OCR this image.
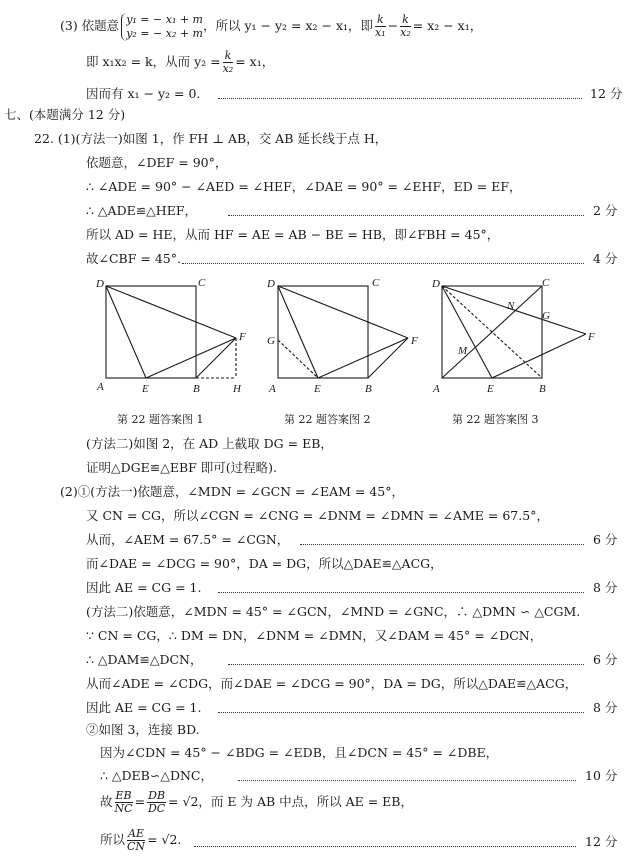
(3) 依题意 y₁ = − x₁ + m
y₂ = − x₂ + m ，所以 y₁ − y₂ = x₂ − x₁，即 $\frac{k}{\text{x₁}} - \frac{k}{\text{x₂}} = x_2 - x_1$，
即 x₁x₂ = k，从而 $y_2 = \frac{k}{\text{x₂}} = x_1$，
因而有 x₁ − y₂ = 0.	12 分
七、(本题满分 12 分)
22. (1)(方法一)如图 1，作 FH ⊥ AB，交 AB 延长线于点 H，
依题意，∠DEF = 90°，
∴ ∠ADE = 90° − ∠AED = ∠HEF，∠DAE = 90° = ∠EHF，ED = EF，
∴ △ADE≌△HEF，	2 分
所以 AD = HE，从而 HF = AE = AB − BE = HB，即∠FBH = 45°，
故∠CBF = 45°.	4 分
D	C
F
A	E	B	H
第 22 题答案图 1
D	C
G	F
A	E	B
第 22 题答案图 2
D	C
N
G
F
M
A	E	B
第 22 题答案图 3
(方法二)如图 2，在 AD 上截取 DG = EB，
证明△DGE≌△EBF 即可(过程略).
(2)①(方法一)依题意，∠MDN = ∠GCN = ∠EAM = 45°，
又 CN = CG，所以∠CGN = ∠CNG = ∠DNM = ∠DMN = ∠AME = 67.5°，
从而，∠AEM = 67.5° = ∠CGN，	6 分
而∠DAE = ∠DCG = 90°，DA = DG，所以△DAE≌△ACG，
因此 AE = CG = 1.	8 分
(方法二)依题意，∠MDN = 45° = ∠GCN，∠MND = ∠GNC，∴ △DMN ∽ △CGM.
∵ CN = CG，∴ DM = DN，∠DNM = ∠DMN，又∠DAM = 45° = ∠DCN，
∴ △DAM≌△DCN，	6 分
从而∠ADE = ∠CDG，而∠DAE = ∠DCG = 90°，DA = DG，所以△DAE≌△ACG，
因此 AE = CG = 1.	8 分
②如图 3，连接 BD.
因为∠CDN = 45° − ∠BDG = ∠EDB，且∠DCN = 45° = ∠DBE，
∴ △DEB∽△DNC，	10 分
故 $\frac{EB}{NC} = \frac{DB}{DC} = √2$，而 E 为 AB 中点，所以 AE = EB，
所以 $\frac{AE}{CN} = √2$.	12 分
